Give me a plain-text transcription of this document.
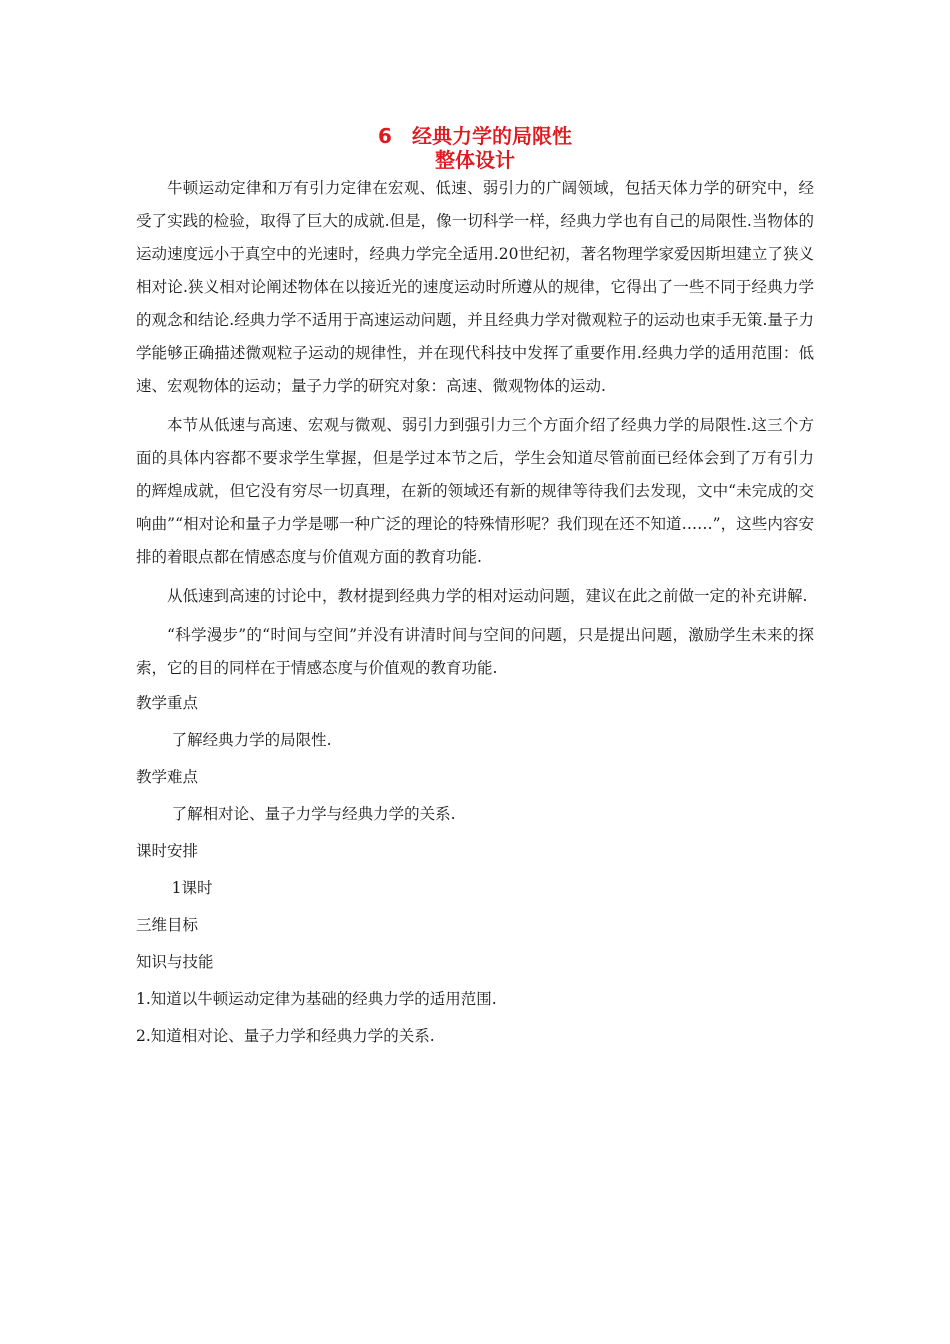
6　经典力学的局限性

整体设计

牛顿运动定律和万有引力定律在宏观、低速、弱引力的广阔领域，包括天体力学的研究中，经受了实践的检验，取得了巨大的成就.但是，像一切科学一样，经典力学也有自己的局限性.当物体的运动速度远小于真空中的光速时，经典力学完全适用.20世纪初，著名物理学家爱因斯坦建立了狭义相对论.狭义相对论阐述物体在以接近光的速度运动时所遵从的规律，它得出了一些不同于经典力学的观念和结论.经典力学不适用于高速运动问题，并且经典力学对微观粒子的运动也束手无策.量子力学能够正确描述微观粒子运动的规律性，并在现代科技中发挥了重要作用.经典力学的适用范围：低速、宏观物体的运动；量子力学的研究对象：高速、微观物体的运动.

本节从低速与高速、宏观与微观、弱引力到强引力三个方面介绍了经典力学的局限性.这三个方面的具体内容都不要求学生掌握，但是学过本节之后，学生会知道尽管前面已经体会到了万有引力的辉煌成就，但它没有穷尽一切真理，在新的领域还有新的规律等待我们去发现，文中“未完成的交响曲”“相对论和量子力学是哪一种广泛的理论的特殊情形呢？我们现在还不知道……”，这些内容安排的着眼点都在情感态度与价值观方面的教育功能.

从低速到高速的讨论中，教材提到经典力学的相对运动问题，建议在此之前做一定的补充讲解.

“科学漫步”的“时间与空间”并没有讲清时间与空间的问题，只是提出问题，激励学生未来的探索，它的目的同样在于情感态度与价值观的教育功能.

教学重点

了解经典力学的局限性.

教学难点

了解相对论、量子力学与经典力学的关系.

课时安排

1课时

三维目标

知识与技能

1.知道以牛顿运动定律为基础的经典力学的适用范围.

2.知道相对论、量子力学和经典力学的关系.
